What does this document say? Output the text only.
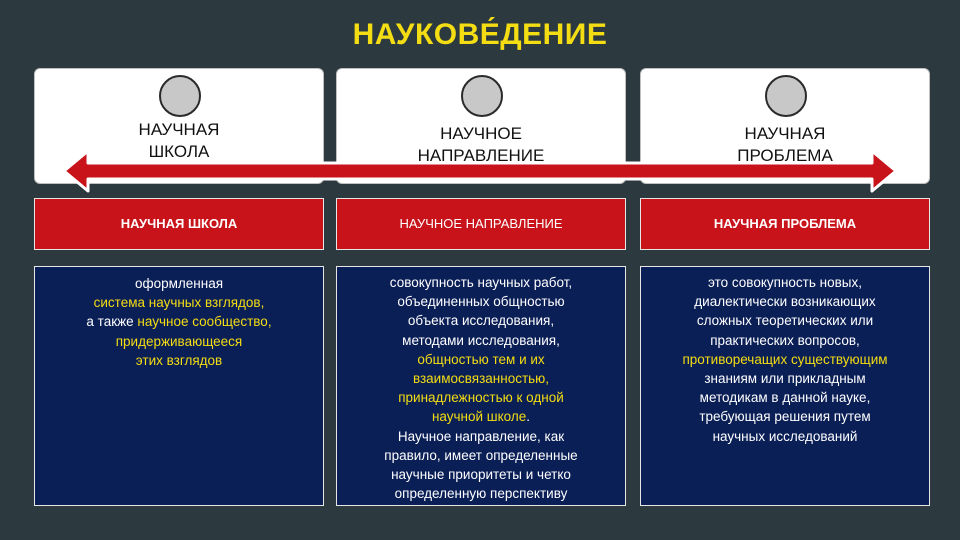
НАУКОВЕ́ДЕНИЕ
НАУЧНАЯ
ШКОЛА
НАУЧНОЕ
НАПРАВЛЕНИЕ
НАУЧНАЯ
ПРОБЛЕМА
НАУЧНАЯ ШКОЛА	НАУЧНОЕ НАПРАВЛЕНИЕ	НАУЧНАЯ ПРОБЛЕМА
оформленная
система научных взглядов,
а также научное сообщество,
придерживающееся
этих взглядов
совокупность научных работ,
объединенных общностью
объекта исследования,
методами исследования,
общностью тем и их
взаимосвязанностью,
принадлежностью к одной
научной школе.
Научное направление, как
правило, имеет определенные
научные приоритеты и четко
определенную перспективу
это совокупность новых,
диалектически возникающих
сложных теоретических или
практических вопросов,
противоречащих существующим
знаниям или прикладным
методикам в данной науке,
требующая решения путем
научных исследований
